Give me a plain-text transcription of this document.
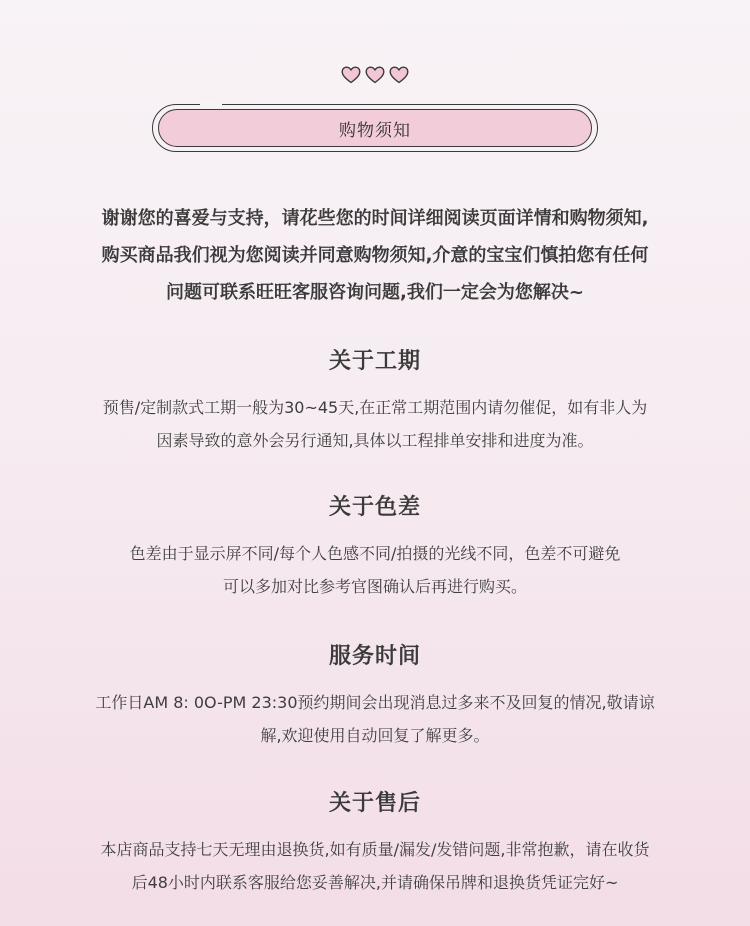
购物须知
谢谢您的喜爱与支持，请花些您的时间详细阅读页面详情和购物须知,
购买商品我们视为您阅读并同意购物须知,介意的宝宝们慎拍您有任何
问题可联系旺旺客服咨询问题,我们一定会为您解决~
关于工期
预售/定制款式工期一般为30~45天,在正常工期范围内请勿催促，如有非人为
因素导致的意外会另行通知,具体以工程排单安排和进度为准。
关于色差
色差由于显示屏不同/每个人色感不同/拍摄的光线不同，色差不可避免
可以多加对比参考官图确认后再进行购买。
服务时间
工作日AM 8: 0O-PM 23:30预约期间会出现消息过多来不及回复的情况,敬请谅
解,欢迎使用自动回复了解更多。
关于售后
本店商品支持七天无理由退换货,如有质量/漏发/发错问题,非常抱歉，请在收货
后48小时内联系客服给您妥善解决,并请确保吊牌和退换货凭证完好~
